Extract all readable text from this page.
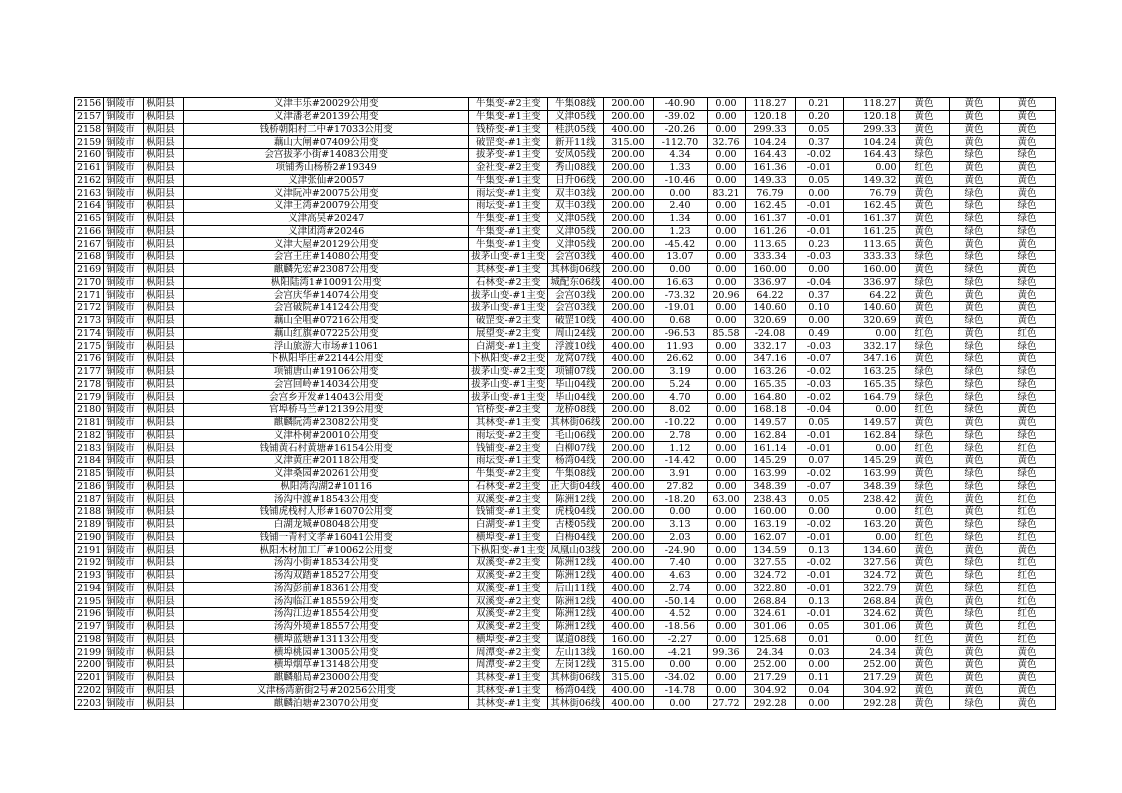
2156	铜陵市	枞阳县	义津丰乐#20029公用变	牛集变-#2主变	牛集08线	200.00	-40.90	0.00	118.27	0.21	118.27	黄色	黄色	黄色
2157	铜陵市	枞阳县	义津潘老#20139公用变	牛集变-#1主变	义津05线	200.00	-39.02	0.00	120.18	0.20	120.18	黄色	黄色	黄色
2158	铜陵市	枞阳县	钱桥朝阳村二中#17033公用变	钱桥变-#1主变	桂洪05线	400.00	-20.26	0.00	299.33	0.05	299.33	黄色	黄色	黄色
2159	铜陵市	枞阳县	藕山大闸#07409公用变	破罡变-#1主变	新开11线	315.00	-112.70	32.76	104.24	0.37	104.24	黄色	黄色	黄色
2160	铜陵市	枞阳县	会宫拔茅小街#14083公用变	拔茅变-#1主变	安凤05线	200.00	4.34	0.00	164.43	-0.02	164.43	绿色	绿色	绿色
2161	铜陵市	枞阳县	项铺秀山杨桥2#19349	金社变-#2主变	秀山08线	200.00	1.33	0.00	161.36	-0.01	0.00	红色	黄色	黄色
2162	铜陵市	枞阳县	义津张仙#20057	牛集变-#1主变	日升06线	200.00	-10.46	0.00	149.33	0.05	149.32	黄色	黄色	黄色
2163	铜陵市	枞阳县	义津阮冲#20075公用变	雨坛变-#1主变	双丰03线	200.00	0.00	83.21	76.79	0.00	76.79	黄色	绿色	黄色
2164	铜陵市	枞阳县	义津王湾#20079公用变	雨坛变-#1主变	双丰03线	200.00	2.40	0.00	162.45	-0.01	162.45	黄色	绿色	绿色
2165	铜陵市	枞阳县	义津高吴#20247	牛集变-#1主变	义津05线	200.00	1.34	0.00	161.37	-0.01	161.37	黄色	绿色	绿色
2166	铜陵市	枞阳县	义津团湾#20246	牛集变-#1主变	义津05线	200.00	1.23	0.00	161.26	-0.01	161.25	黄色	绿色	绿色
2167	铜陵市	枞阳县	义津大屋#20129公用变	牛集变-#1主变	义津05线	200.00	-45.42	0.00	113.65	0.23	113.65	黄色	黄色	黄色
2168	铜陵市	枞阳县	会宫王庄#14080公用变	拔茅山变-#1主变	会宫03线	400.00	13.07	0.00	333.34	-0.03	333.33	绿色	绿色	绿色
2169	铜陵市	枞阳县	麒麟先宏#23087公用变	其林变-#1主变	其林街06线	200.00	0.00	0.00	160.00	0.00	160.00	黄色	绿色	黄色
2170	铜陵市	枞阳县	枞阳陆湾1#10091公用变	石林变-#2主变	城配东06线	400.00	16.63	0.00	336.97	-0.04	336.97	绿色	绿色	绿色
2171	铜陵市	枞阳县	会宫庆华#14074公用变	拔茅山变-#1主变	会宫03线	200.00	-73.32	20.96	64.22	0.37	64.22	黄色	黄色	黄色
2172	铜陵市	枞阳县	会宫破院#14124公用变	拔茅山变-#1主变	会宫03线	200.00	-19.01	0.00	140.60	0.10	140.60	黄色	黄色	黄色
2173	铜陵市	枞阳县	藕山全咀#07216公用变	破罡变-#2主变	破罡10线	400.00	0.68	0.00	320.69	0.00	320.69	黄色	绿色	黄色
2174	铜陵市	枞阳县	藕山红旗#07225公用变	展望变-#2主变	周山24线	200.00	-96.53	85.58	-24.08	0.49	0.00	红色	黄色	红色
2175	铜陵市	枞阳县	浮山旅游大市场#11061	白湖变-#1主变	浮渡10线	400.00	11.93	0.00	332.17	-0.03	332.17	绿色	绿色	绿色
2176	铜陵市	枞阳县	下枞阳毕庄#22144公用变	下枞阳变-#2主变	龙窝07线	400.00	26.62	0.00	347.16	-0.07	347.16	黄色	绿色	黄色
2177	铜陵市	枞阳县	项铺唐山#19106公用变	拔茅山变-#2主变	项铺07线	200.00	3.19	0.00	163.26	-0.02	163.25	绿色	绿色	绿色
2178	铜陵市	枞阳县	会宫回岭#14034公用变	拔茅山变-#1主变	毕山04线	200.00	5.24	0.00	165.35	-0.03	165.35	绿色	绿色	绿色
2179	铜陵市	枞阳县	会宫乡开发#14043公用变	拔茅山变-#1主变	毕山04线	200.00	4.70	0.00	164.80	-0.02	164.79	绿色	绿色	绿色
2180	铜陵市	枞阳县	官埠桥马兰#12139公用变	官桥变-#2主变	龙桥08线	200.00	8.02	0.00	168.18	-0.04	0.00	红色	绿色	黄色
2181	铜陵市	枞阳县	麒麟阮湾#23082公用变	其林变-#1主变	其林街06线	200.00	-10.22	0.00	149.57	0.05	149.57	黄色	黄色	黄色
2182	铜陵市	枞阳县	义津朴树#20010公用变	雨坛变-#2主变	毛山06线	200.00	2.78	0.00	162.84	-0.01	162.84	绿色	绿色	绿色
2183	铜陵市	枞阳县	钱铺黄石村黄塘#16154公用变	钱铺变-#2主变	白柳07线	200.00	1.12	0.00	161.14	-0.01	0.00	红色	绿色	红色
2184	铜陵市	枞阳县	义津黄庄#20118公用变	雨坛变-#1主变	杨湾04线	200.00	-14.42	0.00	145.29	0.07	145.29	黄色	黄色	黄色
2185	铜陵市	枞阳县	义津桑园#20261公用变	牛集变-#2主变	牛集08线	200.00	3.91	0.00	163.99	-0.02	163.99	黄色	绿色	绿色
2186	铜陵市	枞阳县	枞阳湾沟湖2#10116	石林变-#2主变	正大街04线	400.00	27.82	0.00	348.39	-0.07	348.39	绿色	绿色	绿色
2187	铜陵市	枞阳县	汤沟中渡#18543公用变	双溪变-#2主变	陈洲12线	200.00	-18.20	63.00	238.43	0.05	238.42	黄色	黄色	红色
2188	铜陵市	枞阳县	钱铺虎栈村人形#16070公用变	钱铺变-#1主变	虎栈04线	200.00	0.00	0.00	160.00	0.00	0.00	红色	黄色	红色
2189	铜陵市	枞阳县	白湖龙城#08048公用变	白湖变-#1主变	古楼05线	200.00	3.13	0.00	163.19	-0.02	163.20	黄色	绿色	绿色
2190	铜陵市	枞阳县	钱铺一青村文孝#16041公用变	横埠变-#1主变	白梅04线	200.00	2.03	0.00	162.07	-0.01	0.00	红色	绿色	红色
2191	铜陵市	枞阳县	枞阳木材加工厂#10062公用变	下枞阳变-#1主变	凤凰山03线	200.00	-24.90	0.00	134.59	0.13	134.60	黄色	黄色	黄色
2192	铜陵市	枞阳县	汤沟小街#18534公用变	双溪变-#2主变	陈洲12线	400.00	7.40	0.00	327.55	-0.02	327.56	黄色	绿色	红色
2193	铜陵市	枞阳县	汤沟双踏#18527公用变	双溪变-#2主变	陈洲12线	400.00	4.63	0.00	324.72	-0.01	324.72	黄色	绿色	红色
2194	铜陵市	枞阳县	汤沟彭前#18361公用变	双溪变-#1主变	后山11线	400.00	2.74	0.00	322.80	-0.01	322.79	黄色	绿色	红色
2195	铜陵市	枞阳县	汤沟临江#18559公用变	双溪变-#2主变	陈洲12线	400.00	-50.14	0.00	268.84	0.13	268.84	黄色	黄色	红色
2196	铜陵市	枞阳县	汤沟江边#18554公用变	双溪变-#2主变	陈洲12线	400.00	4.52	0.00	324.61	-0.01	324.62	黄色	绿色	红色
2197	铜陵市	枞阳县	汤沟外境#18557公用变	双溪变-#2主变	陈洲12线	400.00	-18.56	0.00	301.06	0.05	301.06	黄色	黄色	红色
2198	铜陵市	枞阳县	横埠蓝塘#13113公用变	横埠变-#2主变	谋道08线	160.00	-2.27	0.00	125.68	0.01	0.00	红色	黄色	红色
2199	铜陵市	枞阳县	横埠桃园#13005公用变	周潭变-#2主变	左山13线	160.00	-4.21	99.36	24.34	0.03	24.34	黄色	黄色	黄色
2200	铜陵市	枞阳县	横埠烟草#13148公用变	周潭变-#2主变	左岗12线	315.00	0.00	0.00	252.00	0.00	252.00	黄色	黄色	黄色
2201	铜陵市	枞阳县	麒麟船局#23000公用变	其林变-#1主变	其林街06线	315.00	-34.02	0.00	217.29	0.11	217.29	黄色	黄色	黄色
2202	铜陵市	枞阳县	义津杨湾新街2号#20256公用变	其林变-#1主变	杨湾04线	400.00	-14.78	0.00	304.92	0.04	304.92	黄色	黄色	黄色
2203	铜陵市	枞阳县	麒麟泊塘#23070公用变	其林变-#1主变	其林街06线	400.00	0.00	27.72	292.28	0.00	292.28	黄色	绿色	黄色
